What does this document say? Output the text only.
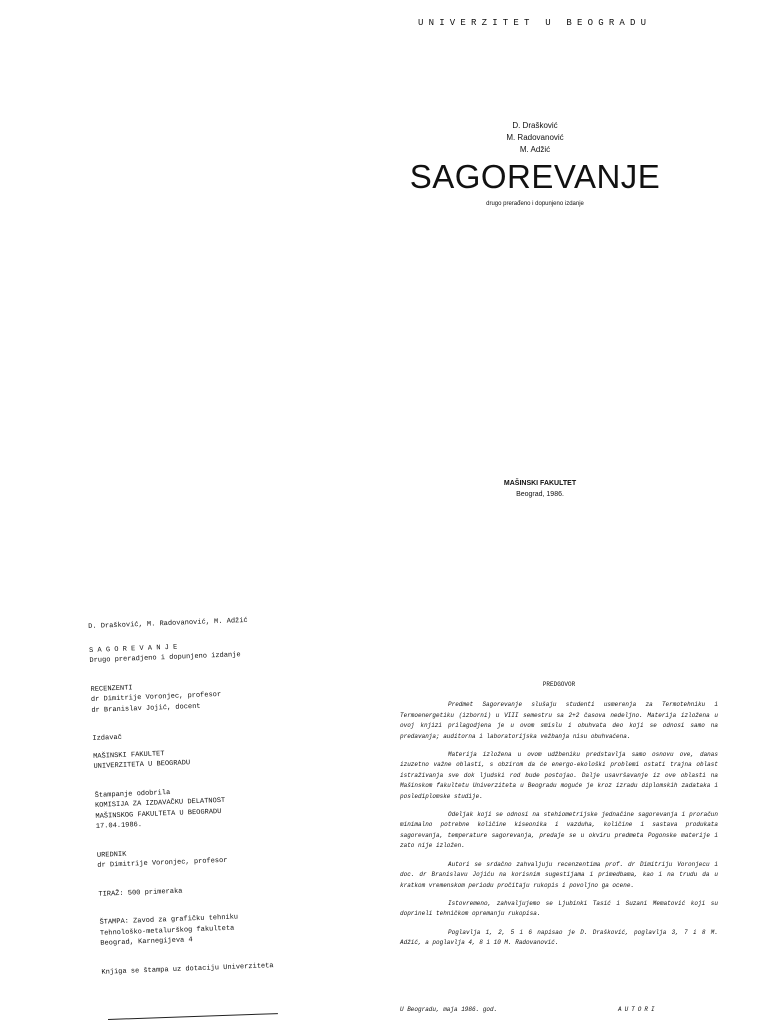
UNIVERZITET U BEOGRADU
D. Drašković
M. Radovanović
M. Adžić
SAGOREVANJE
drugo prerađeno i dopunjeno izdanje
MAŠINSKI FAKULTET
Beograd, 1986.

D. Drašković, M. Radovanović, M. Adžić

S A G O R E V A N J E

Drugo preradjeno i dopunjeno izdanje

RECENZENTI

dr Dimitrije Voronjec, profesor

dr Branislav Jojić, docent

Izdavač

MAŠINSKI FAKULTET

UNIVERZITETA U BEOGRADU

Štampanje odobrila

KOMISIJA ZA IZDAVAČKU DELATNOST

MAŠINSKOG FAKULTETA U BEOGRADU

17.04.1986.

UREDNIK

dr Dimitrije Voronjec, profesor

TIRAŽ: 500 primeraka

ŠTAMPA: Zavod za grafičku tehniku

Tehnološko-metalurškog fakulteta

Beograd, Karnegijeva 4

Knjiga se štampa uz dotaciju Univerziteta

PREDGOVOR

Predmet Sagorevanje slušaju studenti usmerenja za Termotehniku i Termoenergetiku (izborni) u VIII semestru sa 2+2 časova nedeljno. Materija izložena u ovoj knjizi prilagodjena je u ovom smislu i obuhvata deo koji se odnosi samo na predavanja; auditorna i laboratorijska vežbanja nisu obuhvaćena.

Materija izložena u ovom udžbeniku predstavlja samo osnovu ove, danas izuzetno važne oblasti, s obzirom da će energo-ekološki problemi ostati trajna oblast istraživanja sve dok ljudski rod bude postojao. Dalje usavršavanje iz ove oblasti na Mašinskom fakultetu Univerziteta u Beogradu moguće je kroz izradu diplomskih zadataka i poslediplomske studije.

Odeljak koji se odnosi na stehiometrijske jednačine sagorevanja i proračun minimalno potrebne količine kiseonika i vazduha, količine i sastava produkata sagorevanja, temperature sagorevanja, predaje se u okviru predmeta Pogonske materije i zato nije izložen.

Autori se srdačno zahvaljuju recenzentima prof. dr Dimitriju Voronjecu i doc. dr Branislavu Jojiću na korisnim sugestijama i primedbama, kao i na trudu da u kratkom vremenskom periodu pročitaju rukopis i povoljno ga ocene.

Istovremeno, zahvaljujemo se Ljubinki Tasić i Suzani Mematović koji su doprineli tehničkom opremanju rukopisa.

Poglavlja 1, 2, 5 i 6 napisao je D. Drašković, poglavlja 3, 7 i 8 M. Adžić, a poglavlja 4, 8 i 10 M. Radovanović.

U Beogradu, maja 1986. god.	AUTORI
